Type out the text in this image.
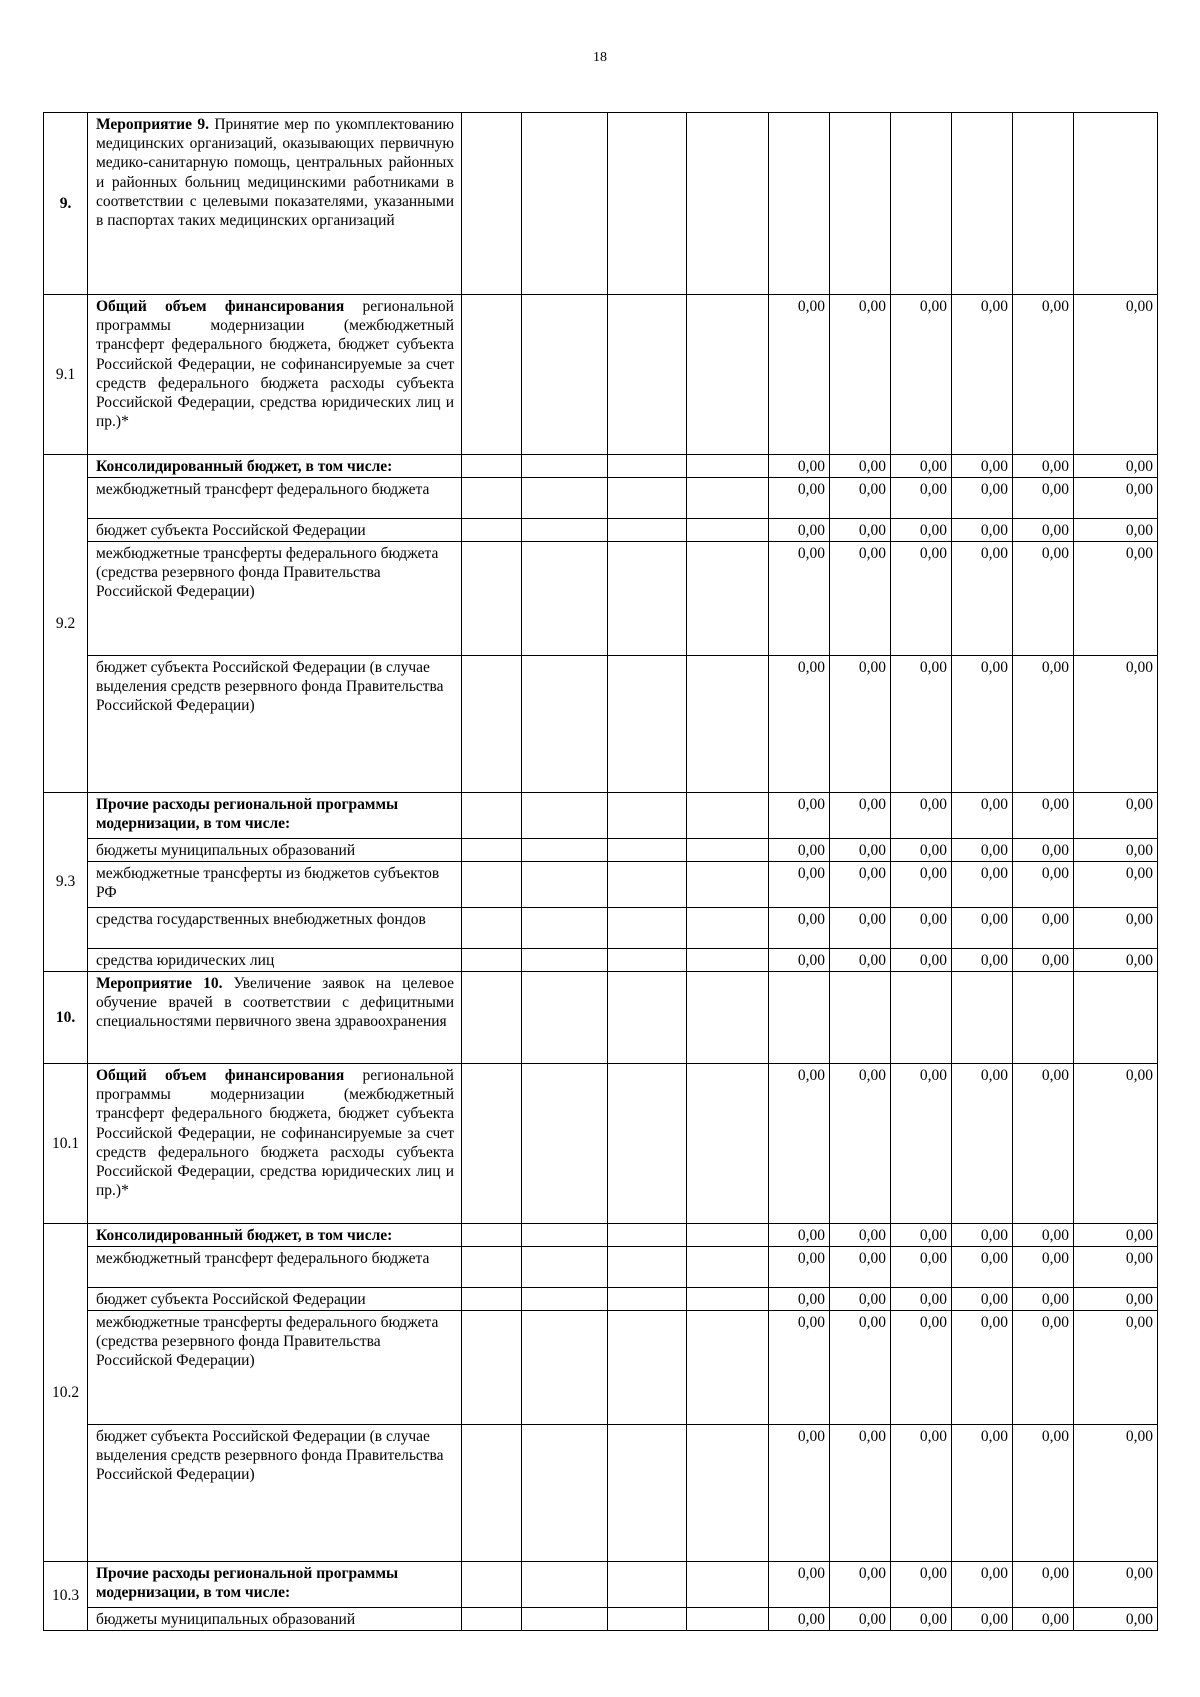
18
9.	Мероприятие 9. Принятие мер по укомплектованию медицинских организаций, оказывающих первичную медико-санитарную помощь, центральных районных и районных больниц медицинскими работниками в соответствии с целевыми показателями, указанными в паспортах таких медицинских организаций										
9.1	Общий объем финансирования региональной программы модернизации (межбюджетный трансферт федерального бюджета, бюджет субъекта Российской Федерации, не софинансируемые за счет средств федерального бюджета расходы субъекта Российской Федерации, средства юридических лиц и пр.)*					0,00	0,00	0,00	0,00	0,00	0,00
9.2	Консолидированный бюджет, в том числе:					0,00	0,00	0,00	0,00	0,00	0,00
	межбюджетный трансферт федерального бюджета					0,00	0,00	0,00	0,00	0,00	0,00
	бюджет субъекта Российской Федерации					0,00	0,00	0,00	0,00	0,00	0,00
	межбюджетные трансферты федерального бюджета (средства резервного фонда Правительства Российской Федерации)					0,00	0,00	0,00	0,00	0,00	0,00
	бюджет субъекта Российской Федерации (в случае выделения средств резервного фонда Правительства Российской Федерации)					0,00	0,00	0,00	0,00	0,00	0,00
9.3	Прочие расходы региональной программы модернизации, в том числе:					0,00	0,00	0,00	0,00	0,00	0,00
	бюджеты муниципальных образований					0,00	0,00	0,00	0,00	0,00	0,00
	межбюджетные трансферты из бюджетов субъектов РФ					0,00	0,00	0,00	0,00	0,00	0,00
	средства государственных внебюджетных фондов					0,00	0,00	0,00	0,00	0,00	0,00
	средства юридических лиц					0,00	0,00	0,00	0,00	0,00	0,00
10.	Мероприятие 10. Увеличение заявок на целевое обучение врачей в соответствии с дефицитными специальностями первичного звена здравоохранения										
10.1	Общий объем финансирования региональной программы модернизации (межбюджетный трансферт федерального бюджета, бюджет субъекта Российской Федерации, не софинансируемые за счет средств федерального бюджета расходы субъекта Российской Федерации, средства юридических лиц и пр.)*					0,00	0,00	0,00	0,00	0,00	0,00
10.2	Консолидированный бюджет, в том числе:					0,00	0,00	0,00	0,00	0,00	0,00
	межбюджетный трансферт федерального бюджета					0,00	0,00	0,00	0,00	0,00	0,00
	бюджет субъекта Российской Федерации					0,00	0,00	0,00	0,00	0,00	0,00
	межбюджетные трансферты федерального бюджета (средства резервного фонда Правительства Российской Федерации)					0,00	0,00	0,00	0,00	0,00	0,00
	бюджет субъекта Российской Федерации (в случае выделения средств резервного фонда Правительства Российской Федерации)					0,00	0,00	0,00	0,00	0,00	0,00
10.3	Прочие расходы региональной программы модернизации, в том числе:					0,00	0,00	0,00	0,00	0,00	0,00
	бюджеты муниципальных образований					0,00	0,00	0,00	0,00	0,00	0,00
